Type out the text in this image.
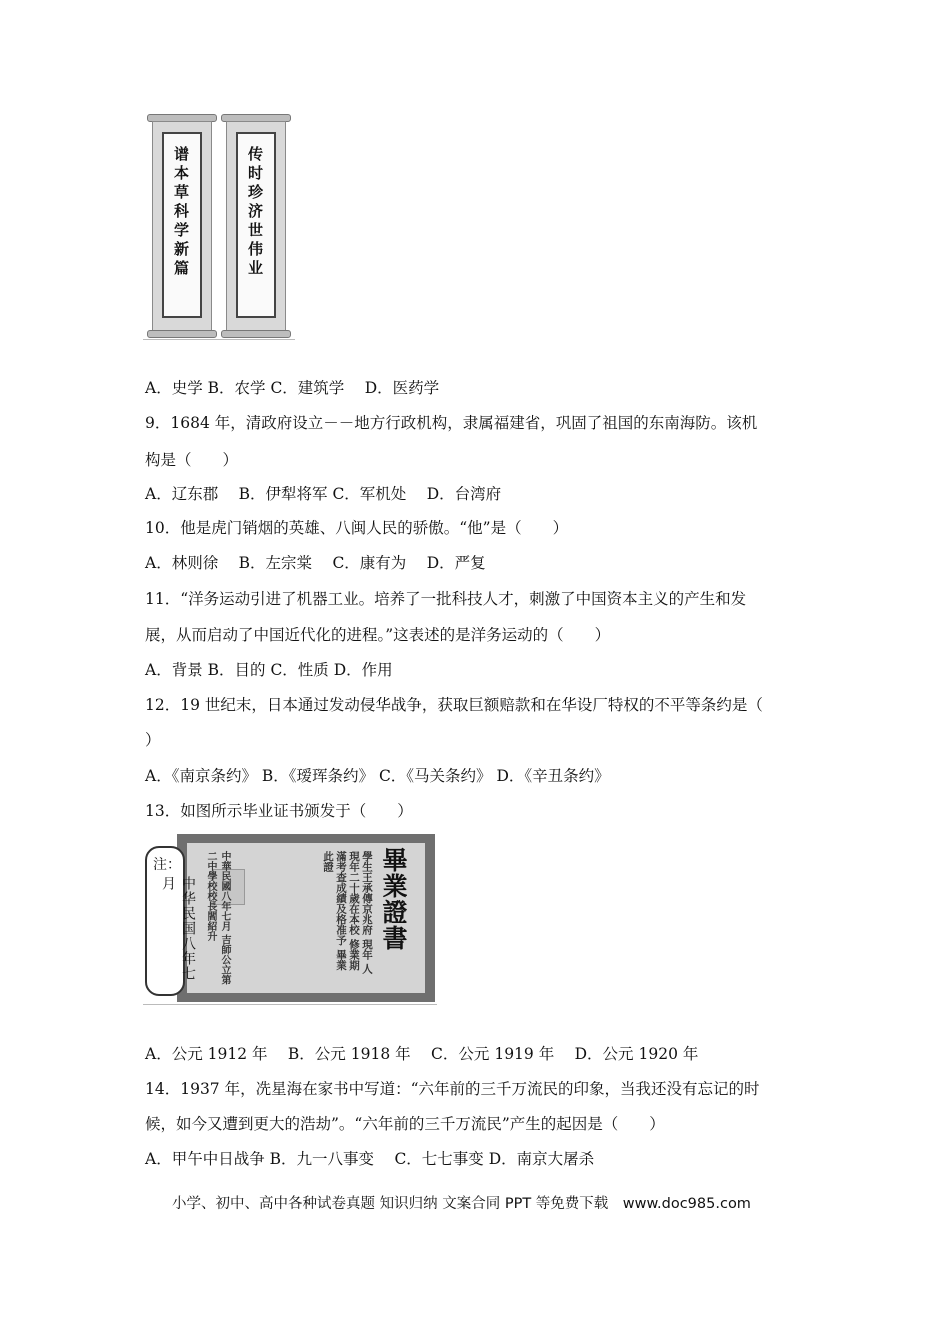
谱本草科学新篇	传时珍济世伟业
A．史学 B．农学 C．建筑学　 D．医药学
9．1684 年，清政府设立－－地方行政机构，隶属福建省，巩固了祖国的东南海防。该机
构是（　　）
A．辽东郡　 B．伊犁将军 C．军机处　 D．台湾府
10．他是虎门销烟的英雄、八闽人民的骄傲。“他”是（　　）
A．林则徐　 B．左宗棠　 C．康有为　 D．严复
11．“洋务运动引进了机器工业。培养了一批科技人才，刺激了中国资本主义的产生和发
展，从而启动了中国近代化的进程。”这表述的是洋务运动的（　　）
A．背景 B．目的 C．性质 D．作用
12．19 世纪末，日本通过发动侵华战争，获取巨额赔款和在华设厂特权的不平等条约是（
）
A．《南京条约》 B．《瑷珲条约》 C．《马关条约》 D．《辛丑条约》
13．如图所示毕业证书颁发于（　　）
畢業證書
學生王承傳京兆府 現年 人現年二十歲在本校 修業期滿考查成績及格准予 畢業此證
中華民國八年七月 吉師公立第二中學校校長閻紹升
注：
中华民国八年七月
A．公元 1912 年　 B．公元 1918 年　 C．公元 1919 年　 D．公元 1920 年
14．1937 年，冼星海在家书中写道：“六年前的三千万流民的印象，当我还没有忘记的时
候，如今又遭到更大的浩劫”。“六年前的三千万流民”产生的起因是（　　）
A．甲午中日战争 B．九一八事变　 C．七七事变 D．南京大屠杀
小学、初中、高中各种试卷真题 知识归纳 文案合同 PPT 等免费下载　www.doc985.com
